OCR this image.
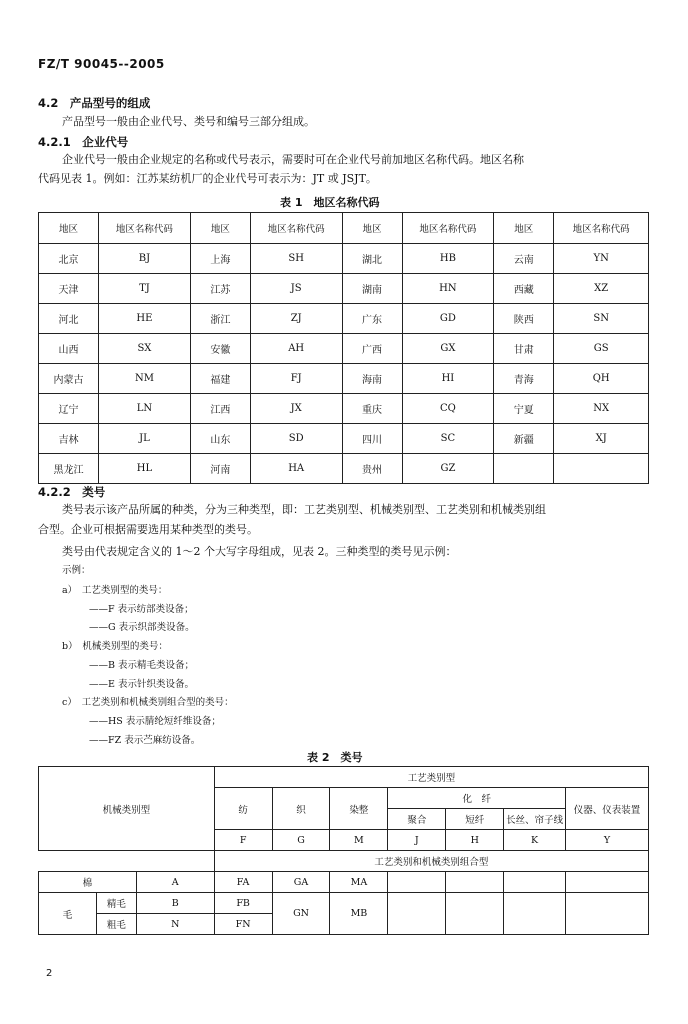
FZ/T 90045--2005
4.2　产品型号的组成
产品型号一般由企业代号、类号和编号三部分组成。
4.2.1　企业代号
企业代号一般由企业规定的名称或代号表示，需要时可在企业代号前加地区名称代码。地区名称
代码见表 1。例如：江苏某纺机厂的企业代号可表示为：JT 或 JSJT。
表 1　地区名称代码
地区	地区名称代码	地区	地区名称代码	地区	地区名称代码	地区	地区名称代码
北京	BJ	上海	SH	湖北	HB	云南	YN
天津	TJ	江苏	JS	湖南	HN	西藏	XZ
河北	HE	浙江	ZJ	广东	GD	陕西	SN
山西	SX	安徽	AH	广西	GX	甘肃	GS
内蒙古	NM	福建	FJ	海南	HI	青海	QH
辽宁	LN	江西	JX	重庆	CQ	宁夏	NX
吉林	JL	山东	SD	四川	SC	新疆	XJ
黑龙江	HL	河南	HA	贵州	GZ		
4.2.2　类号
类号表示该产品所属的种类，分为三种类型，即：工艺类别型、机械类别型、工艺类别和机械类别组
合型。企业可根据需要选用某种类型的类号。
类号由代表规定含义的 1～2 个大写字母组成，见表 2。三种类型的类号见示例：
示例：
a）　工艺类别型的类号：
——F 表示纺部类设备；
——G 表示织部类设备。
b）　机械类别型的类号：
——B 表示精毛类设备；
——E 表示针织类设备。
c）　工艺类别和机械类别组合型的类号：
——HS 表示腈纶短纤维设备；
——FZ 表示苎麻纺设备。
表 2　类号
机械类别型			工艺类别型						
			纺	织	染整	化　纤			仪器、仪表装置
						聚合	短纤	长丝、帘子线	
			F	G	M	J	H	K	Y
			工艺类别和机械类别组合型						
棉		A	FA	GA	MA				
毛	精毛	B	FB	GN	MB				
	粗毛	N	FN						
2
